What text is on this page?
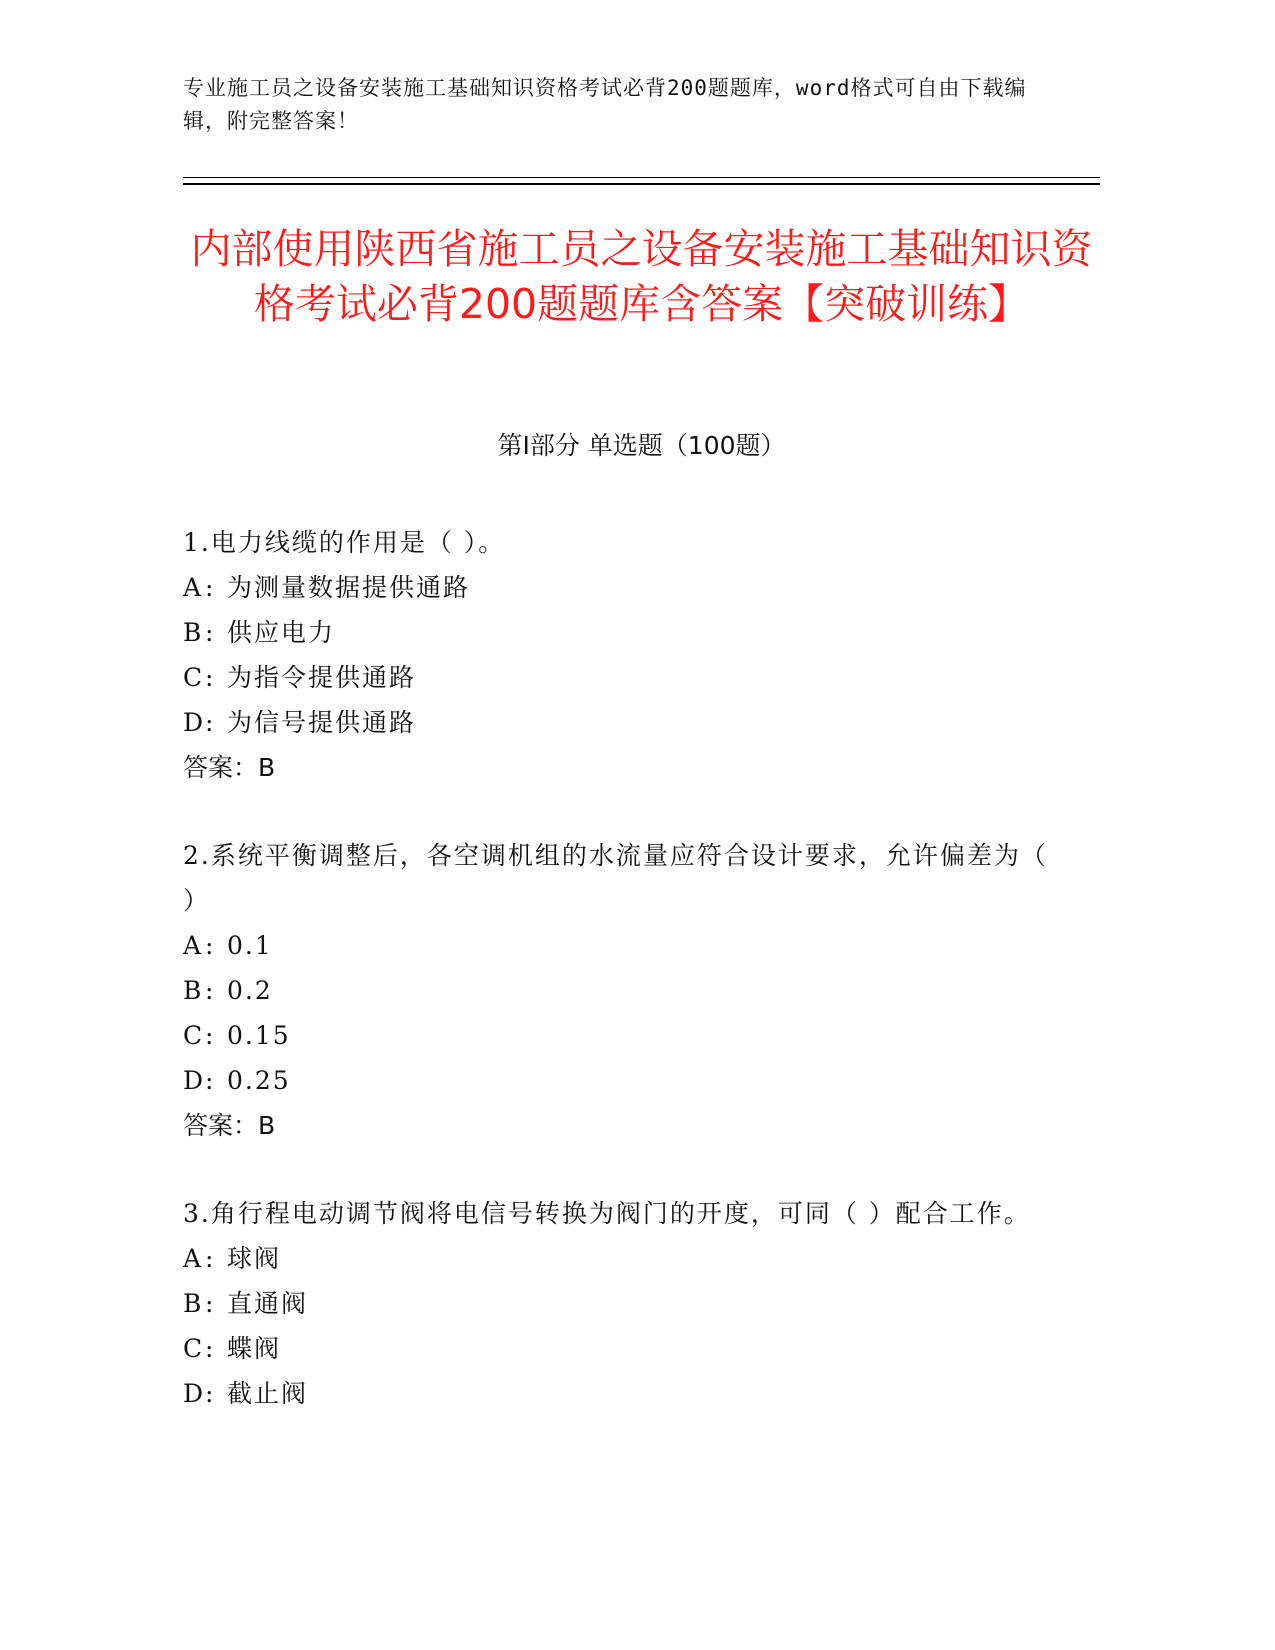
专业施工员之设备安装施工基础知识资格考试必背200题题库，word格式可自由下载编辑，附完整答案！
内部使用陕西省施工员之设备安装施工基础知识资格考试必背200题题库含答案【突破训练】
第I部分 单选题（100题）

1.电力线缆的作用是（ ）。

A : 为测量数据提供通路
B : 供应电力
C : 为指令提供通路
D : 为信号提供通路
答案：B

2.系统平衡调整后，各空调机组的水流量应符合设计要求，允许偏差为（ ）

A : 0.1
B : 0.2
C : 0.15
D : 0.25
答案：B

3.角行程电动调节阀将电信号转换为阀门的开度，可同（ ）配合工作。

A : 球阀
B : 直通阀
C : 蝶阀
D : 截止阀
